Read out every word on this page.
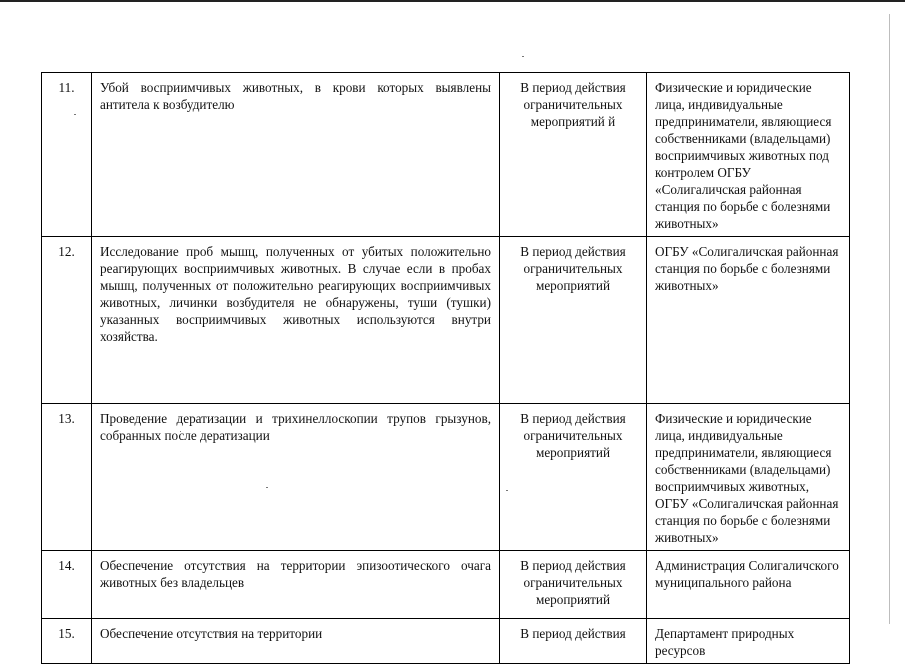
11.	Убой восприимчивых животных, в крови которых выявлены антитела к возбудителю	В период действия ограничительных мероприятий й	Физические и юридические лица, индивидуальные предприниматели, являющиеся собственниками (владельцами) восприимчивых животных под контролем ОГБУ «Солигаличская районная станция по борьбе с болезнями животных»
12.	Исследование проб мышц, полученных от убитых положительно реагирующих восприимчивых животных. В случае если в пробах мышц, полученных от положительно реагирующих восприимчивых животных, личинки возбудителя не обнаружены, туши (тушки) указанных восприимчивых животных используются внутри хозяйства.	В период действия ограничительных мероприятий	ОГБУ «Солигаличская районная станция по борьбе с болезнями животных»
13.	Проведение дератизации и трихинеллоскопии трупов грызунов, собранных после дератизации	В период действия ограничительных мероприятий	Физические и юридические лица, индивидуальные предприниматели, являющиеся собственниками (владельцами) восприимчивых животных, ОГБУ «Солигаличская районная станция по борьбе с болезнями животных»
14.	Обеспечение отсутствия на территории эпизоотического очага животных без владельцев	В период действия ограничительных мероприятий	Администрация Солигаличского муниципального района
15.	Обеспечение отсутствия на территории	В период действия	Департамент природных ресурсов
